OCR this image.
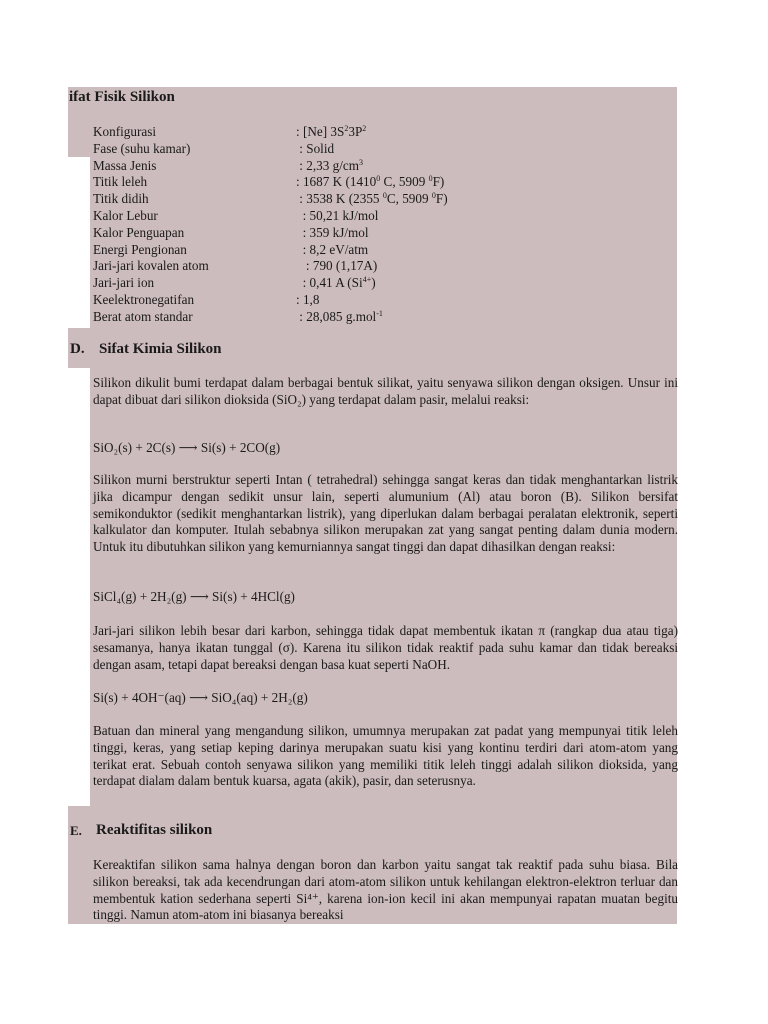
ifat Fisik Silikon
Konfigurasi	: [Ne] $3S^23P^2$
Fase (suhu kamar)	: Solid
Massa Jenis	: 2,33 $g/cm^3$
Titik leleh	: 1687 K (1410$^0$ C, 5909 $^0$F)
Titik didih	: 3538 K (2355 $^0$C, 5909 $^0$F)
Kalor Lebur	: 50,21 kJ/mol
Kalor Penguapan	: 359 kJ/mol
Energi Pengionan	: 8,2 eV/atm
Jari-jari kovalen atom	: 790 (1,17A)
Jari-jari ion	: 0,41 A $(Si^{4+})$
Keelektronegatifan	: 1,8
Berat atom standar	: 28,085 g.mol$^{-1}$
D. Sifat Kimia Silikon
Silikon dikulit bumi terdapat dalam berbagai bentuk silikat, yaitu senyawa silikon dengan oksigen. Unsur ini dapat dibuat dari silikon dioksida (SiO₂) yang terdapat dalam pasir, melalui reaksi:
SiO₂(s) + 2C(s) ⟶ Si(s) + 2CO(g)
Silikon murni berstruktur seperti Intan ( tetrahedral) sehingga sangat keras dan tidak menghantarkan listrik jika dicampur dengan sedikit unsur lain, seperti alumunium (Al) atau boron (B). Silikon bersifat semikonduktor (sedikit menghantarkan listrik), yang diperlukan dalam berbagai peralatan elektronik, seperti kalkulator dan komputer. Itulah sebabnya silikon merupakan zat yang sangat penting dalam dunia modern. Untuk itu dibutuhkan silikon yang kemurniannya sangat tinggi dan dapat dihasilkan dengan reaksi:
SiCl₄(g) + 2H₂(g) ⟶ Si(s) + 4HCl(g)
Jari-jari silikon lebih besar dari karbon, sehingga tidak dapat membentuk ikatan π (rangkap dua atau tiga) sesamanya, hanya ikatan tunggal (σ). Karena itu silikon tidak reaktif pada suhu kamar dan tidak bereaksi dengan asam, tetapi dapat bereaksi dengan basa kuat seperti NaOH.
Si(s) + 4OH⁻(aq) ⟶ SiO₄(aq) + 2H₂(g)
Batuan dan mineral yang mengandung silikon, umumnya merupakan zat padat yang mempunyai titik leleh tinggi, keras, yang setiap keping darinya merupakan suatu kisi yang kontinu terdiri dari atom-atom yang terikat erat. Sebuah contoh senyawa silikon yang memiliki titik leleh tinggi adalah silikon dioksida, yang terdapat dialam dalam bentuk kuarsa, agata (akik), pasir, dan seterusnya.
E. Reaktifitas silikon
Kereaktifan silikon sama halnya dengan boron dan karbon yaitu sangat tak reaktif pada suhu biasa. Bila silikon bereaksi, tak ada kecendrungan dari atom-atom silikon untuk kehilangan elektron-elektron terluar dan membentuk kation sederhana seperti Si⁴⁺, karena ion-ion kecil ini akan mempunyai rapatan muatan begitu tinggi. Namun atom-atom ini biasanya bereaksi
